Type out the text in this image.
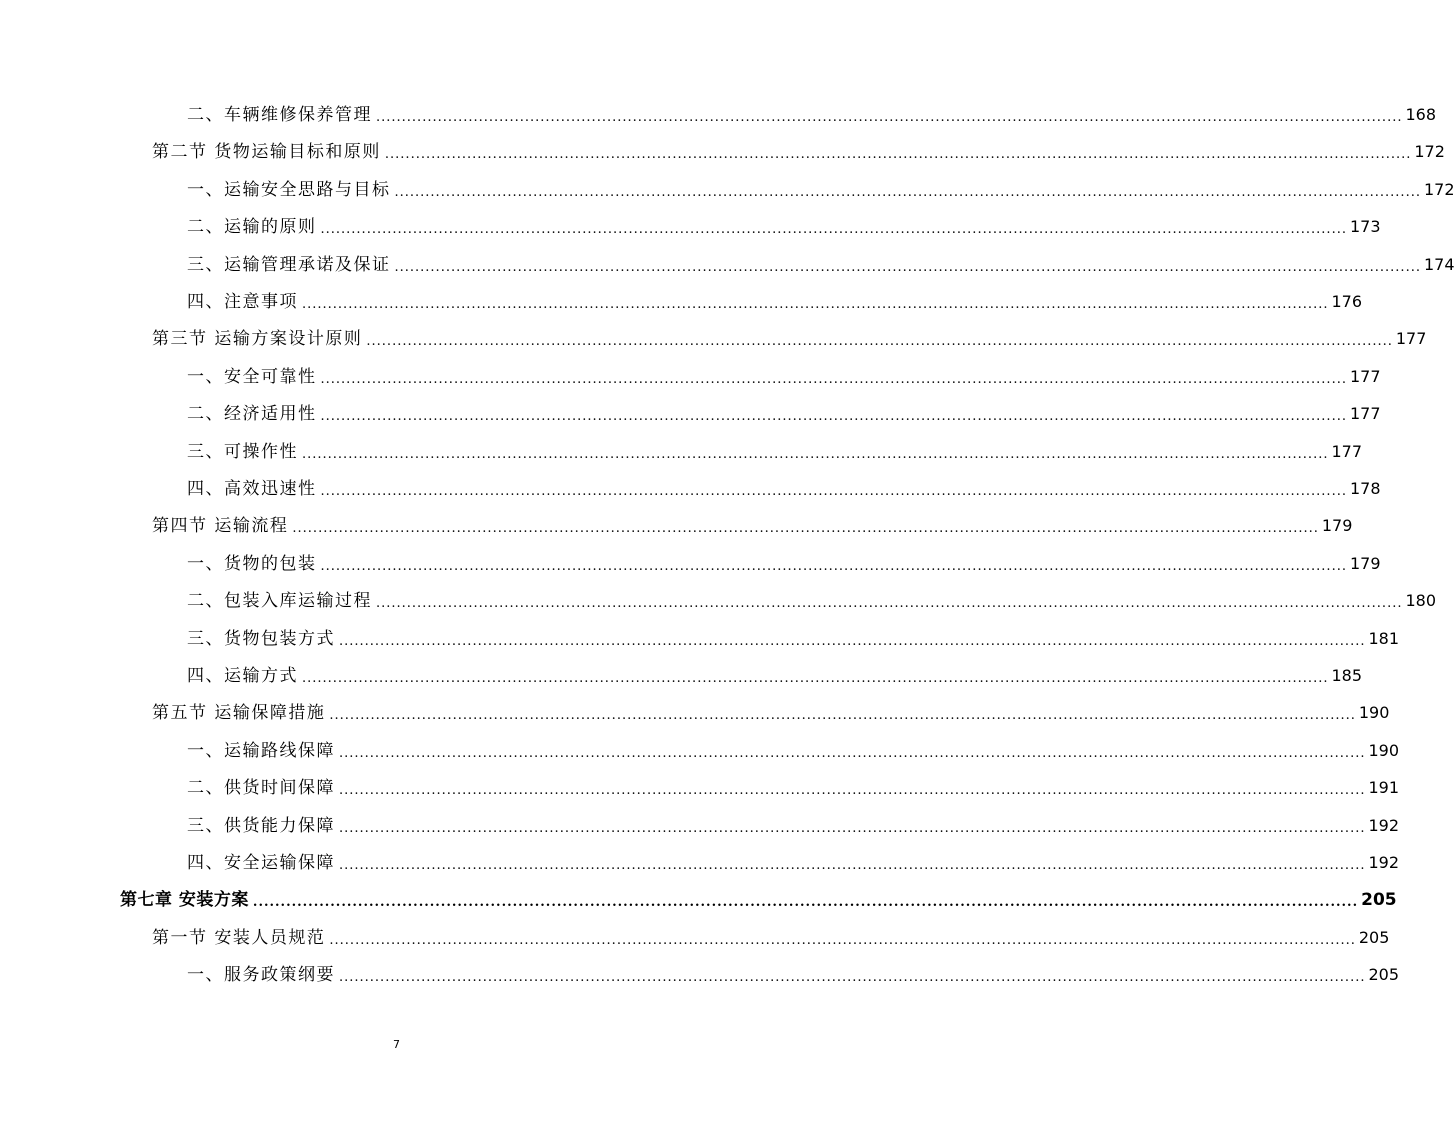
二、车辆维修保养管理 ........................................................................................................................................................................................................ 168
第二节 货物运输目标和原则 ........................................................................................................................................................................................................ 172
一、运输安全思路与目标 ........................................................................................................................................................................................................ 172
二、运输的原则 ........................................................................................................................................................................................................ 173
三、运输管理承诺及保证 ........................................................................................................................................................................................................ 174
四、注意事项 ........................................................................................................................................................................................................ 176
第三节 运输方案设计原则 ........................................................................................................................................................................................................ 177
一、安全可靠性 ........................................................................................................................................................................................................ 177
二、经济适用性 ........................................................................................................................................................................................................ 177
三、可操作性 ........................................................................................................................................................................................................ 177
四、高效迅速性 ........................................................................................................................................................................................................ 178
第四节 运输流程 ........................................................................................................................................................................................................ 179
一、货物的包装 ........................................................................................................................................................................................................ 179
二、包装入库运输过程 ........................................................................................................................................................................................................ 180
三、货物包装方式 ........................................................................................................................................................................................................ 181
四、运输方式 ........................................................................................................................................................................................................ 185
第五节 运输保障措施 ........................................................................................................................................................................................................ 190
一、运输路线保障 ........................................................................................................................................................................................................ 190
二、供货时间保障 ........................................................................................................................................................................................................ 191
三、供货能力保障 ........................................................................................................................................................................................................ 192
四、安全运输保障 ........................................................................................................................................................................................................ 192
第七章 安装方案 ........................................................................................................................................................................................................ 205
第一节 安装人员规范 ........................................................................................................................................................................................................ 205
一、服务政策纲要 ........................................................................................................................................................................................................ 205
7
